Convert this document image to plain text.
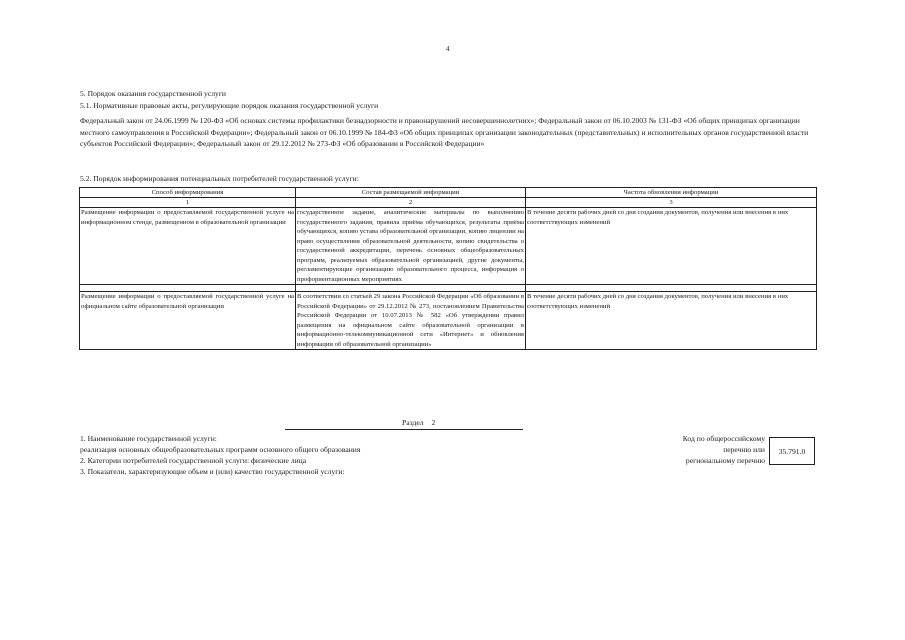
4
5. Порядок оказания государственной услуги
5.1. Нормативные правовые акты, регулирующие порядок оказания государственной услуги
Федеральный закон от 24.06.1999 № 120-ФЗ «Об основах системы профилактики безнадзорности и правонарушений несовершеннолетних»; Федеральный закон от 06.10.2003 № 131-ФЗ «Об общих принципах организации местного самоуправления в Российской Федерации»; Федеральный закон от 06.10.1999 № 184-ФЗ «Об общих принципах организации законодательных (представительных) и исполнительных органов государственной власти субъектов Российской Федерации»; Федеральный закон от 29.12.2012 № 273-ФЗ «Об образовании в Российской Федерации»
5.2. Порядок информирования потенциальных потребителей государственной услуги:
Способ информирования	Состав размещаемой информации	Частота обновления информации
1	2	3
Размещение информации о предоставляемой государственной услуге на информационном стенде, размещенном в образовательной организации	государственное задание, аналитические материалы по выполнению государственного задания, правила приёма обучающихся, результаты приёма обучающихся, копию устава образовательной организации, копию лицензии на право осуществления образовательной деятельности, копию свидетельства о государственной аккредитации, перечень основных общеобразовательных программ, реализуемых образовательной организацией, другие документы, регламентирующие организацию образовательного процесса, информация о профориентационных мероприятиях	В течение десяти рабочих дней со дня создания документов, получения или внесения в них соответствующих изменений

Размещение информации о предоставляемой государственной услуге на официальном сайте образовательной организации	В соответствии со статьей 29 закона Российской Федерации «Об образовании в Российской Федерации» от 29.12.2012 № 273, постановлением Правительства Российской Федерации от 10.07.2013 № 582 «Об утверждении правил размещения на официальном сайте образовательной организации в информационно-телекоммуникационной сети «Интернет» и обновления информации об образовательной организации»	В течение десяти рабочих дней со дня создания документов, получения или внесения в них соответствующих изменений
Раздел 2
1. Наименование государственной услуги:
реализация основных общеобразовательных программ основного общего образования
2. Категории потребителей государственной услуги: физические лица
3. Показатели, характеризующие объем и (или) качество государственной услуги:
Код по общероссийскому
перечню или
региональному перечню
35.791.0
